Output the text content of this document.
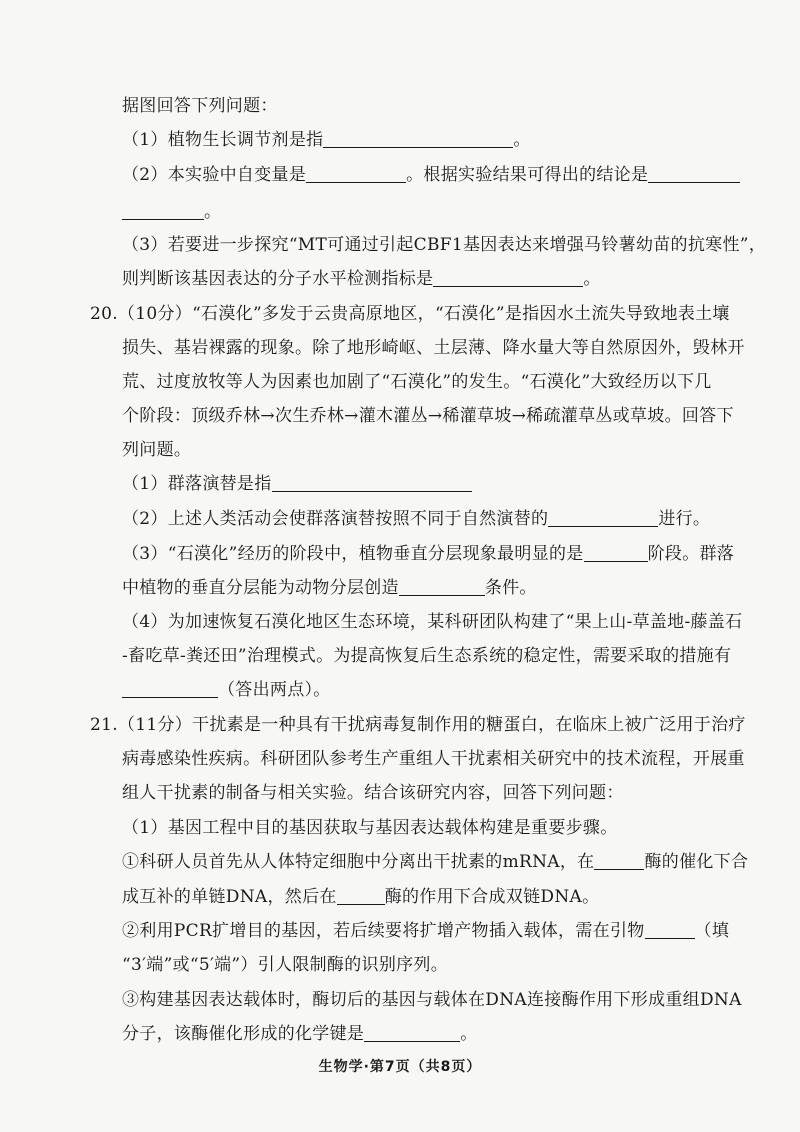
据图回答下列问题：
（1）植物生长调节剂是指	。
（2）本实验中自变量是	。根据实验结果可得出的结论是
。
（3）若要进一步探究“MT可通过引起CBF1基因表达来增强马铃薯幼苗的抗寒性”，
则判断该基因表达的分子水平检测指标是	。
20.（10分）“石漠化”多发于云贵高原地区，“石漠化”是指因水土流失导致地表土壤
损失、基岩裸露的现象。除了地形崎岖、土层薄、降水量大等自然原因外，毁林开
荒、过度放牧等人为因素也加剧了“石漠化”的发生。“石漠化”大致经历以下几
个阶段：顶级乔林→次生乔林→灌木灌丛→稀灌草坡→稀疏灌草丛或草坡。回答下
列问题。
（1）群落演替是指
（2）上述人类活动会使群落演替按照不同于自然演替的	进行。
（3）“石漠化”经历的阶段中，植物垂直分层现象最明显的是	阶段。群落
中植物的垂直分层能为动物分层创造	条件。
（4）为加速恢复石漠化地区生态环境，某科研团队构建了“果上山-草盖地-藤盖石
-畜吃草-粪还田”治理模式。为提高恢复后生态系统的稳定性，需要采取的措施有
（答出两点）。
21.（11分）干扰素是一种具有干扰病毒复制作用的糖蛋白，在临床上被广泛用于治疗
病毒感染性疾病。科研团队参考生产重组人干扰素相关研究中的技术流程，开展重
组人干扰素的制备与相关实验。结合该研究内容，回答下列问题：
（1）基因工程中目的基因获取与基因表达载体构建是重要步骤。
①科研人员首先从人体特定细胞中分离出干扰素的mRNA，在	酶的催化下合
成互补的单链DNA，然后在	酶的作用下合成双链DNA。
②利用PCR扩增目的基因，若后续要将扩增产物插入载体，需在引物	（填
“3′端”或“5′端”）引人限制酶的识别序列。
③构建基因表达载体时，酶切后的基因与载体在DNA连接酶作用下形成重组DNA
分子，该酶催化形成的化学键是	。
生物学·第7页（共8页）
